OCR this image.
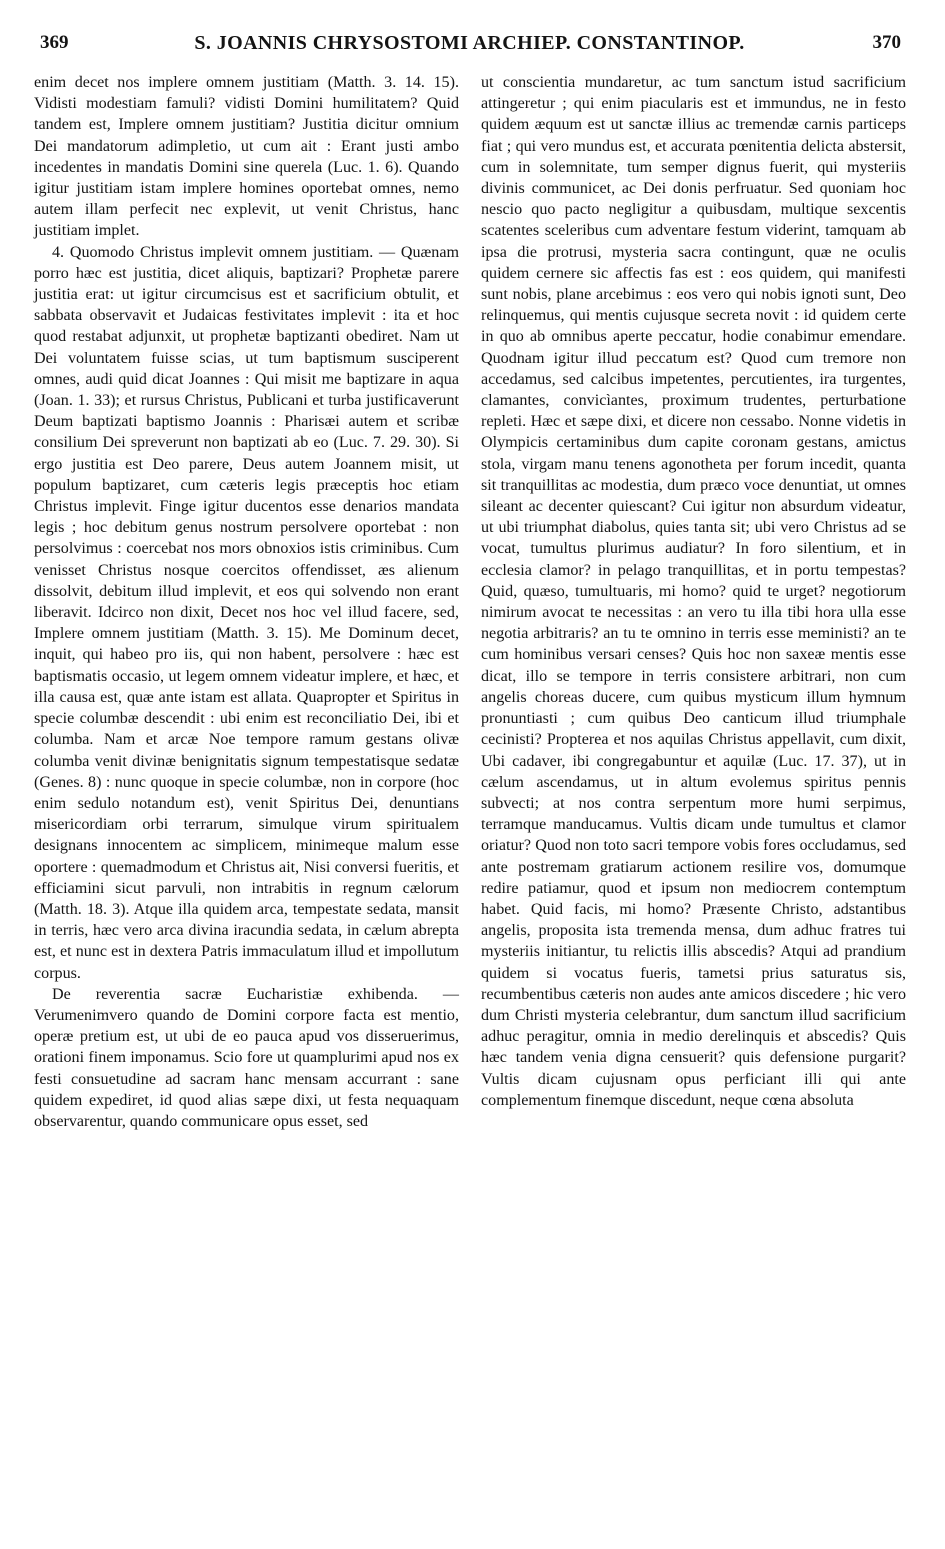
369	S. JOANNIS CHRYSOSTOMI ARCHIEP. CONSTANTINOP.	370

enim decet nos implere omnem justitiam (Matth. 3. 14. 15). Vidisti modestiam famuli? vidisti Domini humilitatem? Quid tandem est, Implere omnem justitiam? Justitia dicitur omnium Dei mandatorum adimpletio, ut cum ait : Erant justi ambo incedentes in mandatis Domini sine querela (Luc. 1. 6). Quando igitur justitiam istam implere homines oportebat omnes, nemo autem illam perfecit nec explevit, ut venit Christus, hanc justitiam implet.

4. Quomodo Christus implevit omnem justitiam. — Quænam porro hæc est justitia, dicet aliquis, baptizari? Prophetæ parere justitia erat: ut igitur circumcisus est et sacrificium obtulit, et sabbata observavit et Judaicas festivitates implevit : ita et hoc quod restabat adjunxit, ut prophetæ baptizanti obediret. Nam ut Dei voluntatem fuisse scias, ut tum baptismum susciperent omnes, audi quid dicat Joannes : Qui misit me baptizare in aqua (Joan. 1. 33); et rursus Christus, Publicani et turba justificaverunt Deum baptizati baptismo Joannis : Pharisæi autem et scribæ consilium Dei spreverunt non baptizati ab eo (Luc. 7. 29. 30). Si ergo justitia est Deo parere, Deus autem Joannem misit, ut populum baptizaret, cum cæteris legis præceptis hoc etiam Christus implevit. Finge igitur ducentos esse denarios mandata legis ; hoc debitum genus nostrum persolvere oportebat : non persolvimus : coercebat nos mors obnoxios istis criminibus. Cum venisset Christus nosque coercitos offendisset, æs alienum dissolvit, debitum illud implevit, et eos qui solvendo non erant liberavit. Idcirco non dixit, Decet nos hoc vel illud facere, sed, Implere omnem justitiam (Matth. 3. 15). Me Dominum decet, inquit, qui habeo pro iis, qui non habent, persolvere : hæc est baptismatis occasio, ut legem omnem videatur implere, et hæc, et illa causa est, quæ ante istam est allata. Quapropter et Spiritus in specie columbæ descendit : ubi enim est reconciliatio Dei, ibi et columba. Nam et arcæ Noe tempore ramum gestans olivæ columba venit divinæ benignitatis signum tempestatisque sedatæ (Genes. 8) : nunc quoque in specie columbæ, non in corpore (hoc enim sedulo notandum est), venit Spiritus Dei, denuntians misericordiam orbi terrarum, simulque virum spiritualem designans innocentem ac simplicem, minimeque malum esse oportere : quemadmodum et Christus ait, Nisi conversi fueritis, et efficiamini sicut parvuli, non intrabitis in regnum cælorum (Matth. 18. 3). Atque illa quidem arca, tempestate sedata, mansit in terris, hæc vero arca divina iracundia sedata, in cælum abrepta est, et nunc est in dextera Patris immaculatum illud et impollutum corpus.

De reverentia sacræ Eucharistiæ exhibenda. — Verumenimvero quando de Domini corpore facta est mentio, operæ pretium est, ut ubi de eo pauca apud vos disseruerimus, orationi finem imponamus. Scio fore ut quamplurimi apud nos ex festi consuetudine ad sacram hanc mensam accurrant : sane quidem expediret, id quod alias sæpe dixi, ut festa nequaquam observarentur, quando communicare opus esset, sed

ut conscientia mundaretur, ac tum sanctum istud sacrificium attingeretur ; qui enim piacularis est et immundus, ne in festo quidem æquum est ut sanctæ illius ac tremendæ carnis particeps fiat ; qui vero mundus est, et accurata pœnitentia delicta abstersit, cum in solemnitate, tum semper dignus fuerit, qui mysteriis divinis communicet, ac Dei donis perfruatur. Sed quoniam hoc nescio quo pacto negligitur a quibusdam, multique sexcentis scatentes sceleribus cum adventare festum viderint, tamquam ab ipsa die protrusi, mysteria sacra contingunt, quæ ne oculis quidem cernere sic affectis fas est : eos quidem, qui manifesti sunt nobis, plane arcebimus : eos vero qui nobis ignoti sunt, Deo relinquemus, qui mentis cujusque secreta novit : id quidem certe in quo ab omnibus aperte peccatur, hodie conabimur emendare. Quodnam igitur illud peccatum est? Quod cum tremore non accedamus, sed calcibus impetentes, percutientes, ira turgentes, clamantes, convicìantes, proximum trudentes, perturbatione repleti. Hæc et sæpe dixi, et dicere non cessabo. Nonne videtis in Olympicis certaminibus dum capite coronam gestans, amictus stola, virgam manu tenens agonotheta per forum incedit, quanta sit tranquillitas ac modestia, dum præco voce denuntiat, ut omnes sileant ac decenter quiescant? Cui igitur non absurdum videatur, ut ubi triumphat diabolus, quies tanta sit; ubi vero Christus ad se vocat, tumultus plurimus audiatur? In foro silentium, et in ecclesia clamor? in pelago tranquillitas, et in portu tempestas? Quid, quæso, tumultuaris, mi homo? quid te urget? negotiorum nimirum avocat te necessitas : an vero tu illa tibi hora ulla esse negotia arbitraris? an tu te omnino in terris esse meministi? an te cum hominibus versari censes? Quis hoc non saxeæ mentis esse dicat, illo se tempore in terris consistere arbitrari, non cum angelis choreas ducere, cum quibus mysticum illum hymnum pronuntiasti ; cum quibus Deo canticum illud triumphale cecinisti? Propterea et nos aquilas Christus appellavit, cum dixit, Ubi cadaver, ibi congregabuntur et aquilæ (Luc. 17. 37), ut in cælum ascendamus, ut in altum evolemus spiritus pennis subvecti; at nos contra serpentum more humi serpimus, terramque manducamus. Vultis dicam unde tumultus et clamor oriatur? Quod non toto sacri tempore vobis fores occludamus, sed ante postremam gratiarum actionem resilire vos, domumque redire patiamur, quod et ipsum non mediocrem contemptum habet. Quid facis, mi homo? Præsente Christo, adstantibus angelis, proposita ista tremenda mensa, dum adhuc fratres tui mysteriis initiantur, tu relictis illis abscedis? Atqui ad prandium quidem si vocatus fueris, tametsi prius saturatus sis, recumbentibus cæteris non audes ante amicos discedere ; hic vero dum Christi mysteria celebrantur, dum sanctum illud sacrificium adhuc peragitur, omnia in medio derelinquis et abscedis? Quis hæc tandem venia digna censuerit? quis defensione purgarit? Vultis dicam cujusnam opus perficiant illi qui ante complementum finemque discedunt, neque cœna absoluta
